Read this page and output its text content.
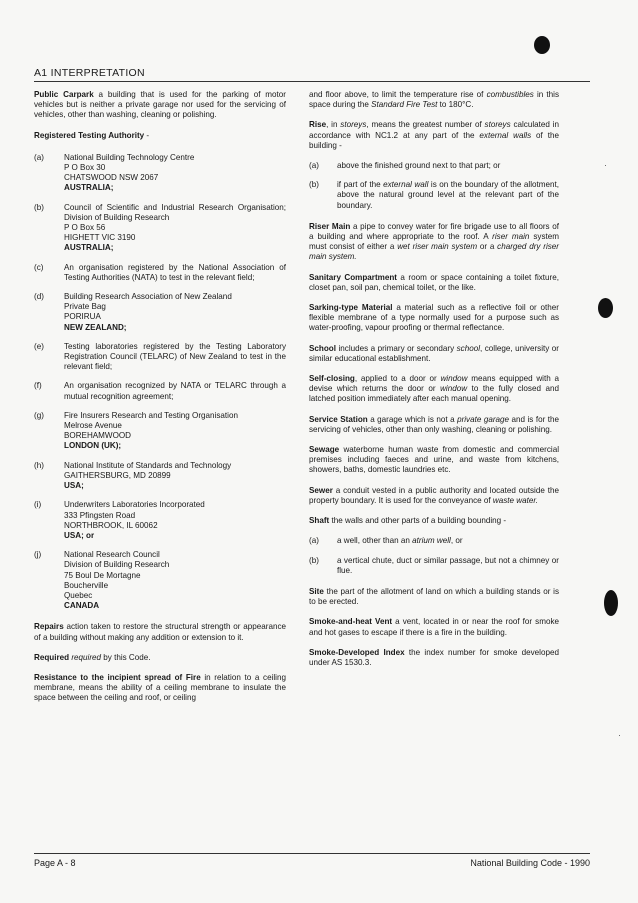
A1 INTERPRETATION

Public Carpark a building that is used for the parking of motor vehicles but is neither a private garage nor used for the servicing of vehicles, other than washing, cleaning or polishing.

Registered Testing Authority -

(a)	National Building Technology Centre
P O Box 30
CHATSWOOD NSW 2067
AUSTRALIA;
(b)	Council of Scientific and Industrial Research Organisation; Division of Building Research
P O Box 56
HIGHETT VIC 3190
AUSTRALIA;
(c)	An organisation registered by the National Association of Testing Authorities (NATA) to test in the relevant field;
(d)	Building Research Association of New Zealand
Private Bag
PORIRUA
NEW ZEALAND;
(e)	Testing laboratories registered by the Testing Laboratory Registration Council (TELARC) of New Zealand to test in the relevant field;
(f)	An organisation recognized by NATA or TELARC through a mutual recognition agreement;
(g)	Fire Insurers Research and Testing Organisation
Melrose Avenue
BOREHAMWOOD
LONDON (UK);
(h)	National Institute of Standards and Technology
GAITHERSBURG, MD 20899
USA;
(i)	Underwriters Laboratories Incorporated
333 Pfingsten Road
NORTHBROOK, IL 60062
USA; or
(j)	National Research Council
Division of Building Research
75 Boul De Mortagne
Boucherville
Quebec
CANADA

Repairs action taken to restore the structural strength or appearance of a building without making any addition or extension to it.

Required required by this Code.

Resistance to the incipient spread of Fire in relation to a ceiling membrane, means the ability of a ceiling membrane to insulate the space between the ceiling and roof, or ceiling

and floor above, to limit the temperature rise of combustibles in this space during the Standard Fire Test to 180°C.

Rise, in storeys, means the greatest number of storeys calculated in accordance with NC1.2 at any part of the external walls of the building -

(a)	above the finished ground next to that part; or
(b)	if part of the external wall is on the boundary of the allotment, above the natural ground level at the relevant part of the boundary.

Riser Main a pipe to convey water for fire brigade use to all floors of a building and where appropriate to the roof. A riser main system must consist of either a wet riser main system or a charged dry riser main system.

Sanitary Compartment a room or space containing a toilet fixture, closet pan, soil pan, chemical toilet, or the like.

Sarking-type Material a material such as a reflective foil or other flexible membrane of a type normally used for a purpose such as water-proofing, vapour proofing or thermal reflectance.

School includes a primary or secondary school, college, university or similar educational establishment.

Self-closing, applied to a door or window means equipped with a devise which returns the door or window to the fully closed and latched position immediately after each manual opening.

Service Station a garage which is not a private garage and is for the servicing of vehicles, other than only washing, cleaning or polishing.

Sewage waterborne human waste from domestic and commercial premises including faeces and urine, and waste from kitchens, showers, baths, domestic laundries etc.

Sewer a conduit vested in a public authority and located outside the property boundary. It is used for the conveyance of waste water.

Shaft the walls and other parts of a building bounding -

(a)	a well, other than an atrium well, or
(b)	a vertical chute, duct or similar passage, but not a chimney or flue.

Site the part of the allotment of land on which a building stands or is to be erected.

Smoke-and-heat Vent a vent, located in or near the roof for smoke and hot gases to escape if there is a fire in the building.

Smoke-Developed Index the index number for smoke developed under AS 1530.3.

Page A - 8	National Building Code - 1990
·
·
